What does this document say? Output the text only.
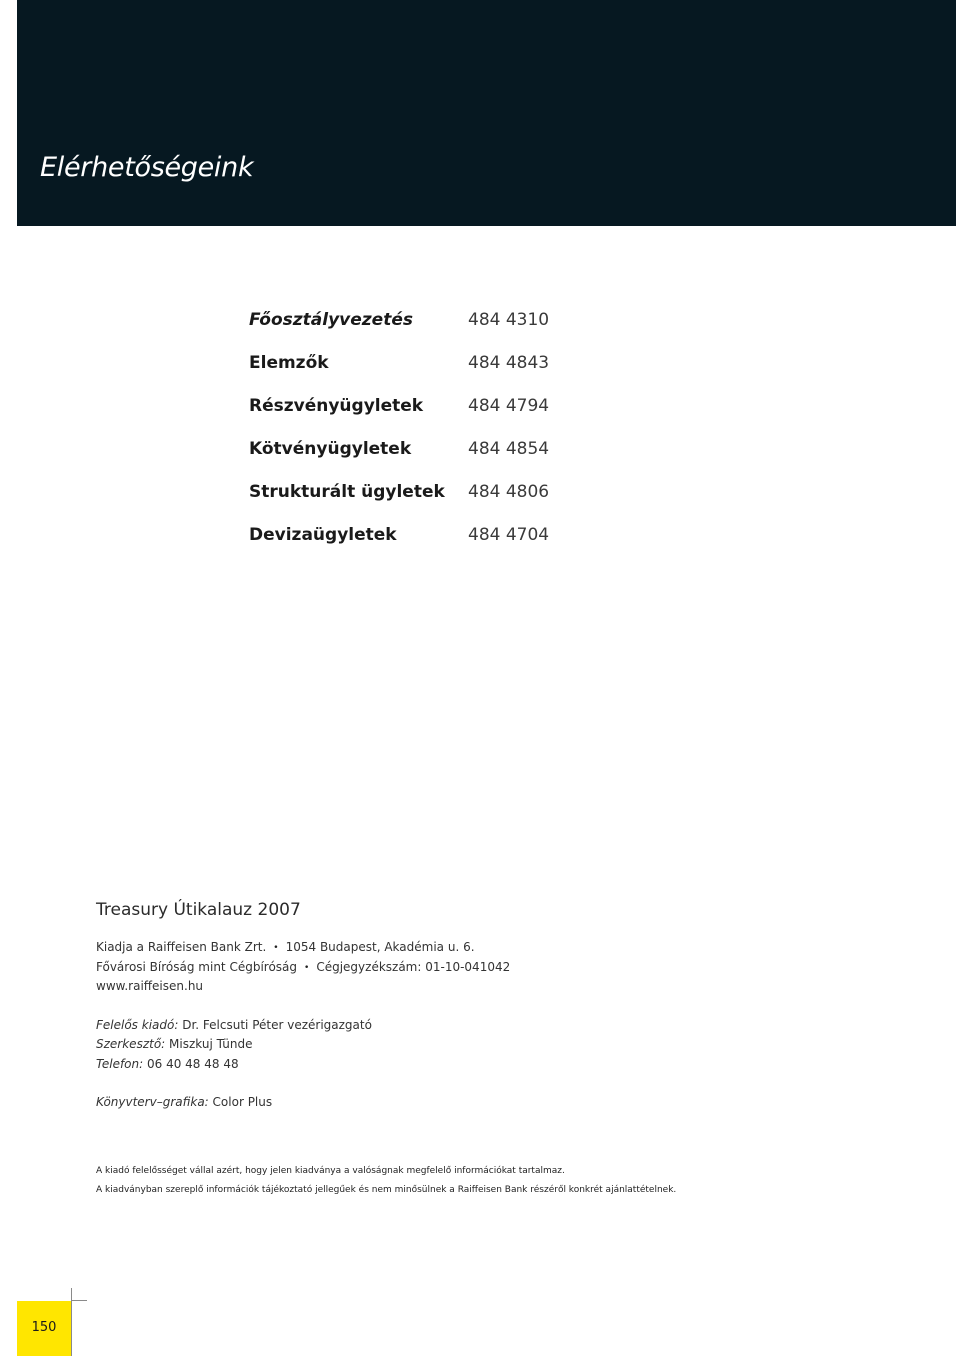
Elérhetőségeink
Főosztályvezetés	484 4310
Elemzők	484 4843
Részvényügyletek	484 4794
Kötvényügyletek	484 4854
Strukturált ügyletek 484 4806
Devizaügyletek	484 4704
Treasury Útikalauz 2007
Kiadja a Raiffeisen Bank Zrt. • 1054 Budapest, Akadémia u. 6.
Fővárosi Bíróság mint Cégbíróság • Cégjegyzékszám: 01-10-041042
www.raiffeisen.hu
Felelős kiadó: Dr. Felcsuti Péter vezérigazgató
Szerkesztő: Miszkuj Tünde
Telefon: 06 40 48 48 48
Könyvterv–grafika: Color Plus
A kiadó felelősséget vállal azért, hogy jelen kiadványa a valóságnak megfelelő információkat tartalmaz.
A kiadványban szereplő információk tájékoztató jellegűek és nem minősülnek a Raiffeisen Bank részéről konkrét ajánlattételnek.
150
